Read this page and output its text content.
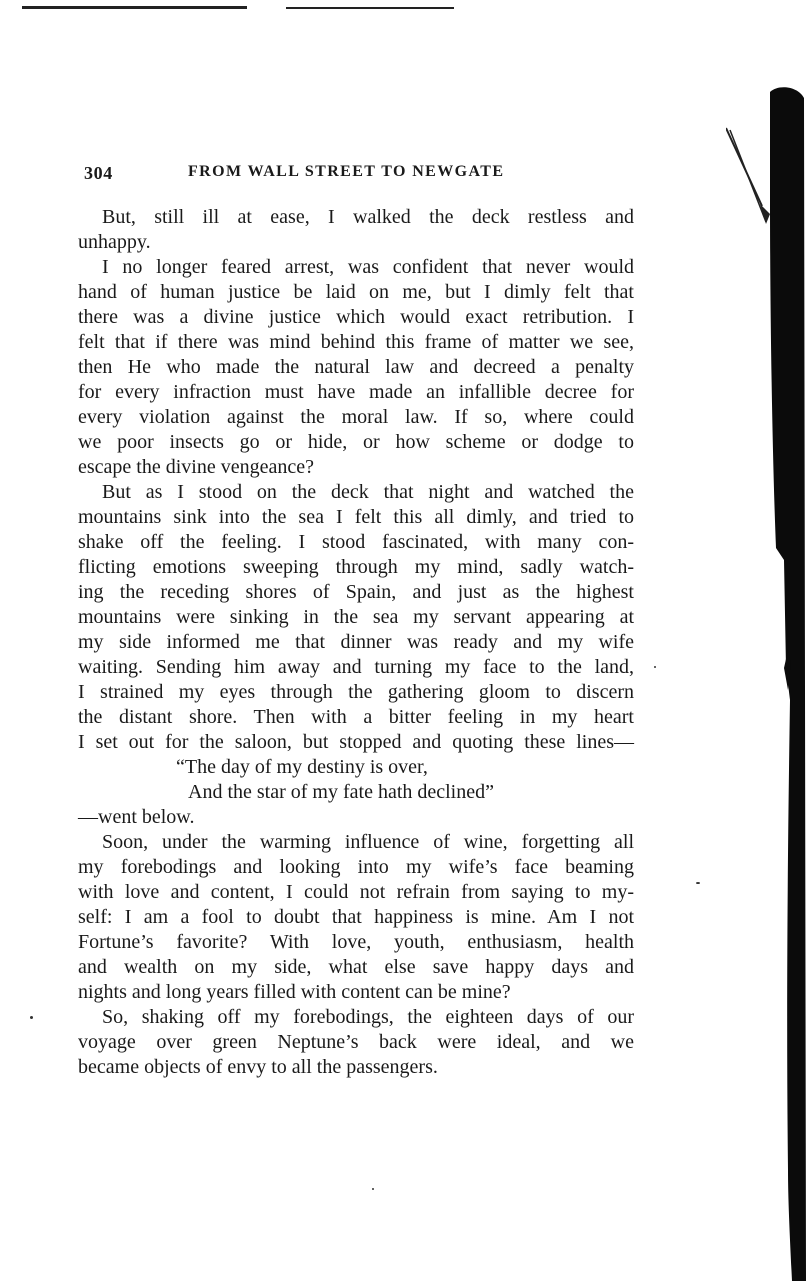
304	FROM WALL STREET TO NEWGATE
But, still ill at ease, I walked the deck restless and
unhappy.
I no longer feared arrest, was confident that never would
hand of human justice be laid on me, but I dimly felt that
there was a divine justice which would exact retribution. I
felt that if there was mind behind this frame of matter we see,
then He who made the natural law and decreed a penalty
for every infraction must have made an infallible decree for
every violation against the moral law. If so, where could
we poor insects go or hide, or how scheme or dodge to
escape the divine vengeance?
But as I stood on the deck that night and watched the
mountains sink into the sea I felt this all dimly, and tried to
shake off the feeling. I stood fascinated, with many con-
flicting emotions sweeping through my mind, sadly watch-
ing the receding shores of Spain, and just as the highest
mountains were sinking in the sea my servant appearing at
my side informed me that dinner was ready and my wife
waiting. Sending him away and turning my face to the land,
I strained my eyes through the gathering gloom to discern
the distant shore. Then with a bitter feeling in my heart
I set out for the saloon, but stopped and quoting these lines—
“The day of my destiny is over,
And the star of my fate hath declined”
—went below.
Soon, under the warming influence of wine, forgetting all
my forebodings and looking into my wife’s face beaming
with love and content, I could not refrain from saying to my-
self: I am a fool to doubt that happiness is mine. Am I not
Fortune’s favorite? With love, youth, enthusiasm, health
and wealth on my side, what else save happy days and
nights and long years filled with content can be mine?
So, shaking off my forebodings, the eighteen days of our
voyage over green Neptune’s back were ideal, and we
became objects of envy to all the passengers.
